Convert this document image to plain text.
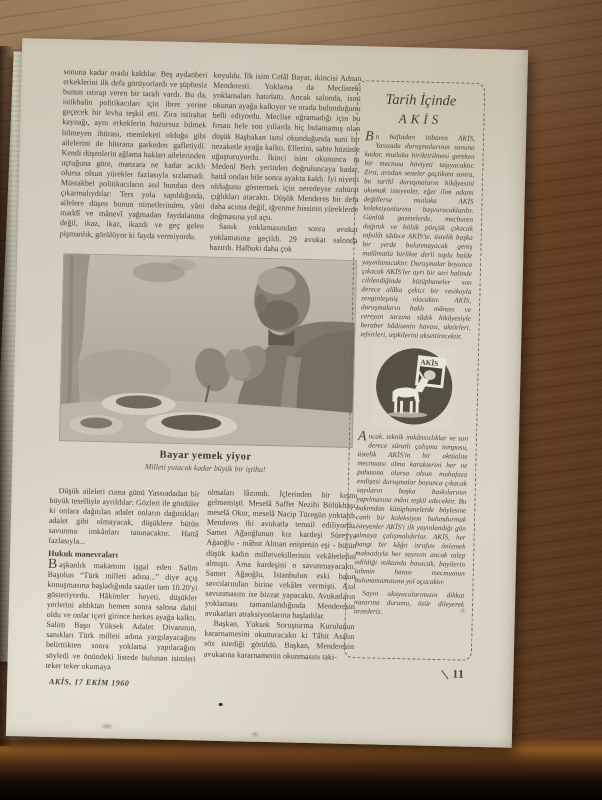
sonuna kadar orada kaldılar. Beş aydanberi erkeklerini ilk defa görüyorlardı ve şüphesiz bunun ıstırap veren bir tarafı vardı. Bu da, istikbalin politikacıları için ibret yerine geçecek bir levha teşkil etti. Zira istirahat kaynağı, aynı erkeklerin huzursuz bilmek bilmeyen ihtirası, memleketi olduğu gibi ailelerini de hüsrana garkeden gafletiydi. Kendi düşenlerin ağlama hakları ailelerinden uçtuğuna göre, manzara ne kadar acıklı olursa olsun yürekler fazlasıyla sızlamadı. Müstakbel politikacıların asıl bundan ders çıkarmalıydılar: Ters yola sapıldığında, ailelere düşen bunun nimetlerinden, yâni maddî ve mânevî yağmadan faydalanma değil, ikaz, ikaz, ikazdı ve geç gelen pişmanlık, görülüyor ki fayda vermiyordu.

koyuldu. İlk isim Celâl Bayar, ikincisi Adnan Menderesti. Yoklama da Meclisteki yoklamaları hatırlattı. Ancak salonda, ismi okunan ayağa kalkıyor ve orada bulunduğunu belli ediyordu. Meclise uğramadığı için bu fırsatı hele son yıllarda hiç bulamamış olan düşük Başbakan ismi okunduğunda suni bir nezaketle ayağa kalktı. Ellerini, sahte hüzünle uğuşturuyordu. İkinci isim okununca ta Medenî Berk yerinden doğruluncaya kadar, hattâ ondan bile sonra ayakta kaldı. İyi niyetli olduğunu göstermek için neredeyse zahürat çığlıkları atacaktı. Düşük Menderes bir defa daha acıma değil, iğrenme hissinin yüreklerde doğmasına yol açtı.

Sanık yoklamasından sonra avukat yoklamasına geçildi. 29 avukat salonda hazırdı. Halbuki daha çok

Bayar yemek yiyor
Milleti yutacak kadar büyük bir iştiha!

Düşük aileleri cuma günü Yassıadadan bir büyük teselliyle ayrıldılar: Gözleri ile gördüler ki onlara dağıtılan adalet onların dağıttıkları adalet gibi olmayacak, düşüklere bütün savunma imkânları tanınacaktır. Hattâ fazlasıyla...

Hukuk manevraları

Başkanlık makamını işgal eden Salim Başolun “Türk milleti adına...” diye açış konuşmasına başladığında saatler tam 10.20'yi gösteriyordu. Hâkimler heyeti, düşükler yerlerini aldıktan hemen sonra salona dahil oldu ve onlar içeri girince herkes ayağa kalktı. Salim Başo Yüksek Adalet Divanının, sanıkları Türk milleti adına yargılayacağını belirttikten sonra yoklama yapılacağını söyledi ve önündeki listede bulunan isimleri teker teker okumaya

olmaları lâzımdı. İçlerinden bir kısmı gelmemişti. Meselâ Saffet Nezihi Bölükbaşı, meselâ Okur, meselâ Nacip Türegün yoktardı. Menderes iki avukatla temsil ediliyordu. Samet Ağaoğlunun kız kardeşi Süreyya Ağaoğlu - mâhut Alman eniştenin eşi - bütün düşük kadın milletvekillerinin vekâletlerini almıştı. Ama kardeşini o savunmayacaktı. Samet Ağaoğlu, İstanbulun eski basın savcılarından birine vekâlet vermişti. Asıl savunmasını ise bizzat yapacaktı. Avukatların yoklaması tamamlandığında Menderesin avukatları atraksiyonlarına başladılar.

Başkan, Yüksek Soruşturma Kurulunun kararnamesini okutturacaktı ki Tâhit Asalın söz istediği görüldü. Başkan, Menderesin avukatına kararnamenin okunmasını taki-

Tarih İçinde
AKİS

Bu haftadan itibaren AKİS, Yassıada duruşmalarının sonuna kadar, mutlaka biriktirilmesi gereken bir mecmua hüviyeti taşıyacaktır. Zira, aradan seneler geçtikten sonra, bu tarihî duruşmaların hikâyesini okumak isteyenler, eğer ilim adamı değillerse mutlaka AKİS koleksiyonlarına başvuracaklardır. Günlük gazetelerde, mecburen dağınık ve bölük pörçük çıkacak tafsilât sâdece AKİS'te, üstelik başka bir yerde bulunmayacak geniş malûmatla birlikte derli toplu halde yayınlanacaktır. Duruşmalar boyunca çıkacak AKİS'ler ayrı bir seri halinde ciltlendiğinde kütüphaneler son derece alâka çekici bir vesikayla zenginleşmiş olacaktır. AKİS, duruşmaların haklı mânası ve cereyan tarzına sâdık hikâyesiyle beraber hâdisenin havası, aktörleri, tefsirleri, tepkilerini aksettirecektir.

AKİS

Ancak, teknik imkânsızlıklar ve son derece süratli çalışma temposu, üstelik AKİS'in bir aktüalite mecmuası olma karakterini her ne pahasına olursa olsun muhafaza endişesi duruşmalar boyunca çıkacak sayıların başka baskılarının yapılmasına mâni teşkil edecektir. Bu bakımdan kütüphanelerde böylesine canlı bir koleksiyon bulundurmak isteyenler AKİS'i ilk yayınlandığı gün almaya çalışmalıdırlar. AKİS, her hangi bir kâğıt israfını önlemek maksadıyla her sayısını ancak talep edildiği miktarda basacak, bayilerin tahmin hatası mecmuanın bulunamamasına yol açacaktır.

Sayın okuyucularımızın dikkat nazarına durumu, özür dileyerek arzederiz.

AKİS, 17 EKİM 1960
11
